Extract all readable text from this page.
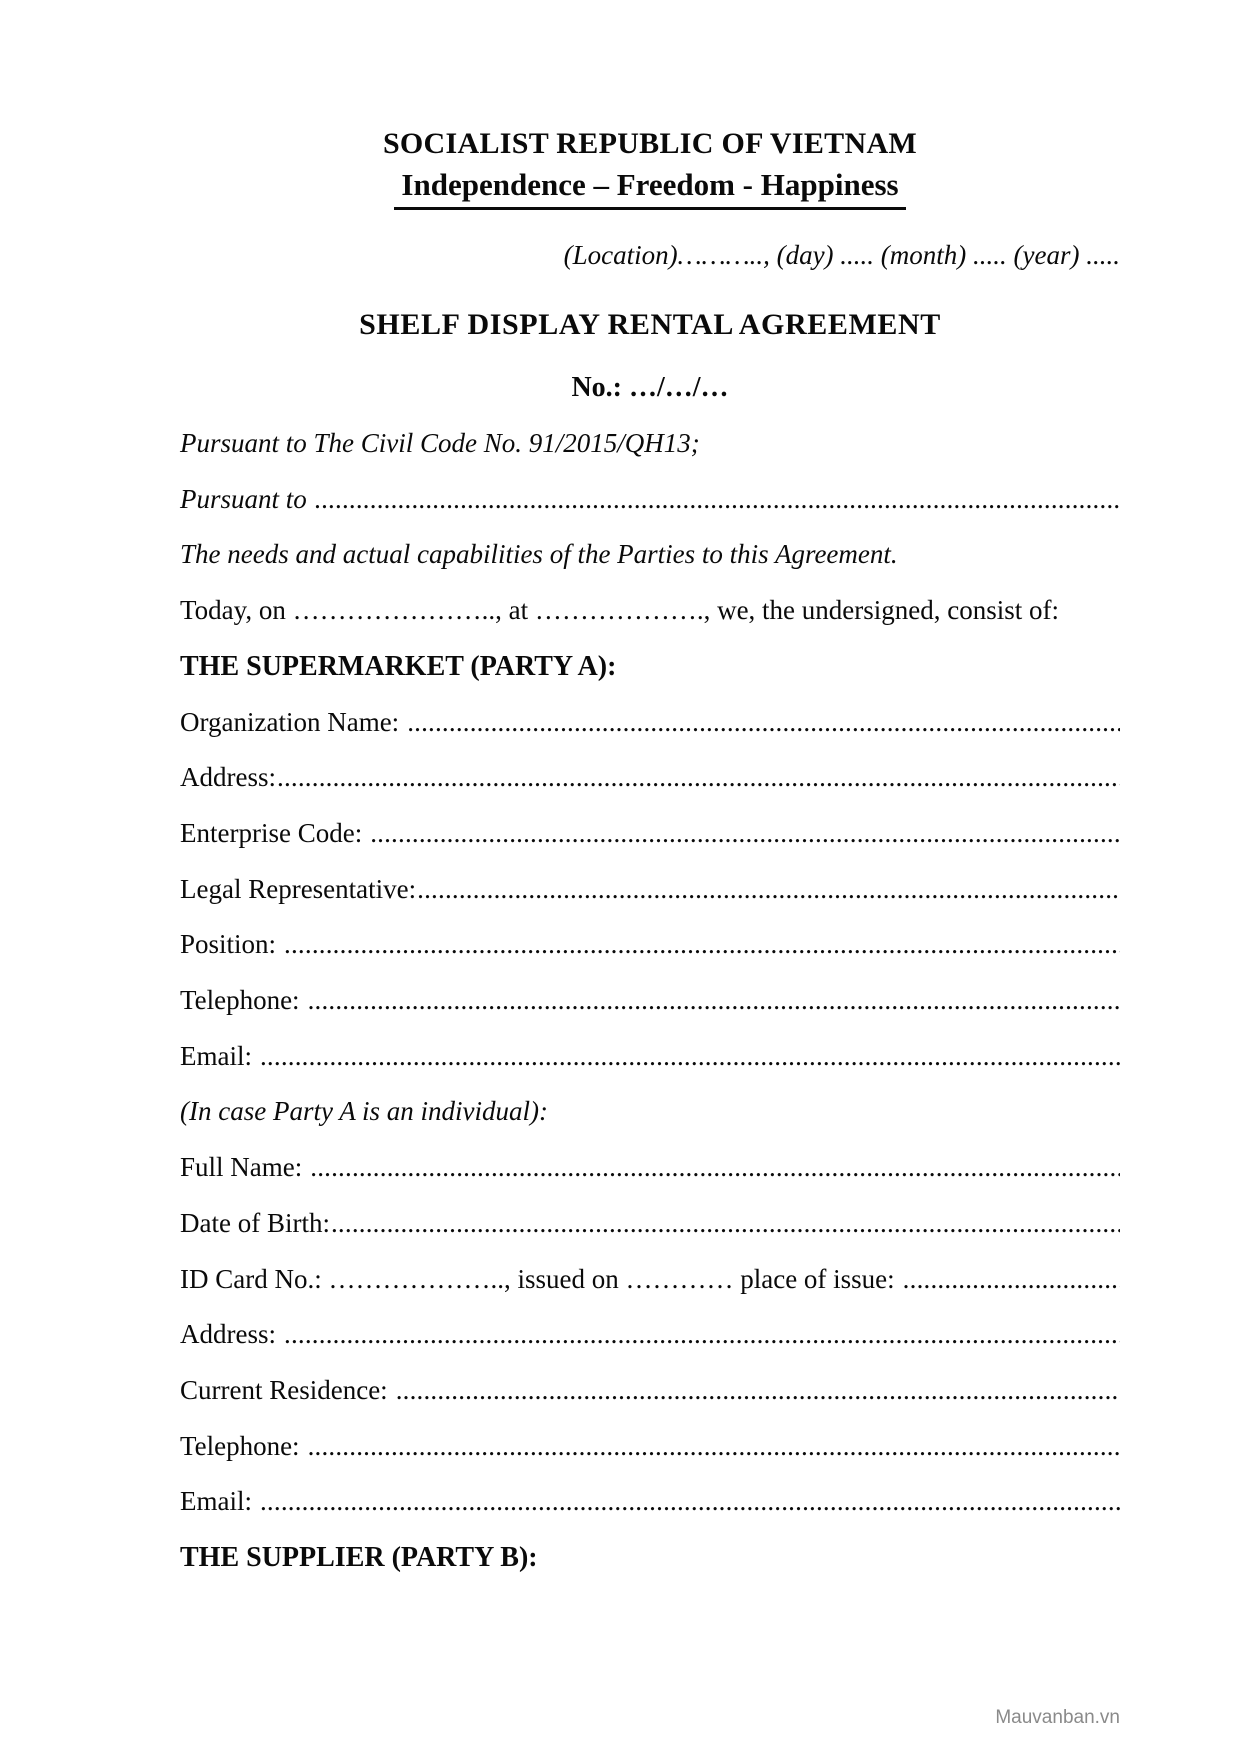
SOCIALIST REPUBLIC OF VIETNAM
Independence – Freedom - Happiness
(Location)……….., (day) ..... (month) ..... (year) .....
SHELF DISPLAY RENTAL AGREEMENT
No.: …/…/…

Pursuant to The Civil Code No. 91/2015/QH13;

Pursuant to
.....

The needs and actual capabilities of the Parties to this Agreement.

Today, on ………………….., at ………………., we, the undersigned, consist of:

THE SUPERMARKET (PARTY A):

Organization Name:
.....
Address:
.....
Enterprise Code:
.....
Legal Representative:
.....
Position:
.....
Telephone:
.....
Email:
.....

(In case Party A is an individual):

Full Name:
.....
Date of Birth:
.....
ID Card No.: ……………….., issued on ………… place of issue:
.....
Address:
.....
Current Residence:
.....
Telephone:
.....
Email:
.....

THE SUPPLIER (PARTY B):

Mauvanban.vn
